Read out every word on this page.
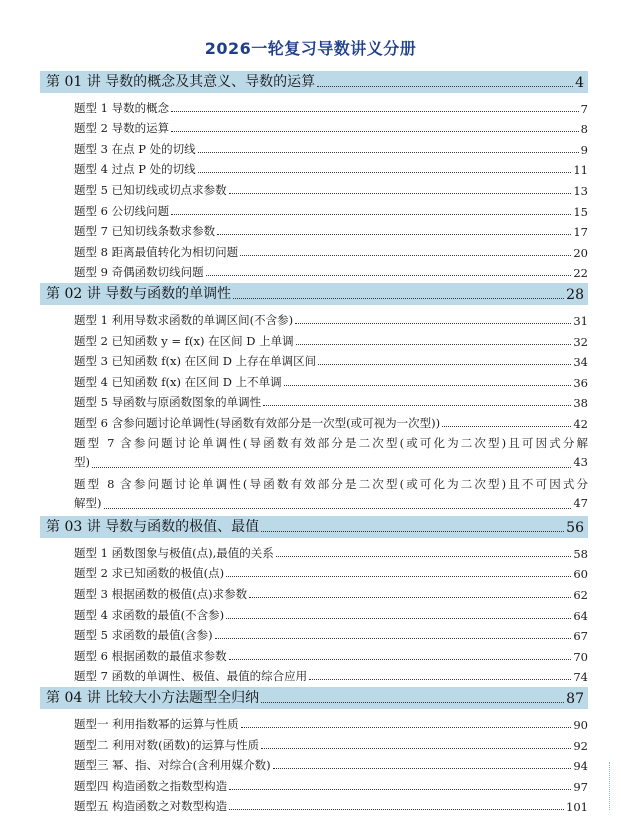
2026一轮复习导数讲义分册
第 01 讲 导数的概念及其意义、导数的运算	4
题型 1 导数的概念	7
题型 2 导数的运算	8
题型 3 在点 P 处的切线	9
题型 4 过点 P 处的切线	11
题型 5 已知切线或切点求参数	13
题型 6 公切线问题	15
题型 7 已知切线条数求参数	17
题型 8 距离最值转化为相切问题	20
题型 9 奇偶函数切线问题	22
第 02 讲 导数与函数的单调性	28
题型 1 利用导数求函数的单调区间(不含参)	31
题型 2 已知函数 y = f(x) 在区间 D 上单调	32
题型 3 已知函数 f(x) 在区间 D 上存在单调区间	34
题型 4 已知函数 f(x) 在区间 D 上不单调	36
题型 5 导函数与原函数图象的单调性	38
题型 6 含参问题讨论单调性(导函数有效部分是一次型(或可视为一次型))	42
题型 7 含参问题讨论单调性(导函数有效部分是二次型(或可化为二次型)且可因式分解
型)	43
题型 8 含参问题讨论单调性(导函数有效部分是二次型(或可化为二次型)且不可因式分
解型)	47
第 03 讲 导数与函数的极值、最值	56
题型 1 函数图象与极值(点),最值的关系	58
题型 2 求已知函数的极值(点)	60
题型 3 根据函数的极值(点)求参数	62
题型 4 求函数的最值(不含参)	64
题型 5 求函数的最值(含参)	67
题型 6 根据函数的最值求参数	70
题型 7 函数的单调性、极值、最值的综合应用	74
第 04 讲 比较大小方法题型全归纳	87
题型一 利用指数幂的运算与性质	90
题型二 利用对数(函数)的运算与性质	92
题型三 幂、指、对综合(含利用媒介数)	94
题型四 构造函数之指数型构造	97
题型五 构造函数之对数型构造	101
